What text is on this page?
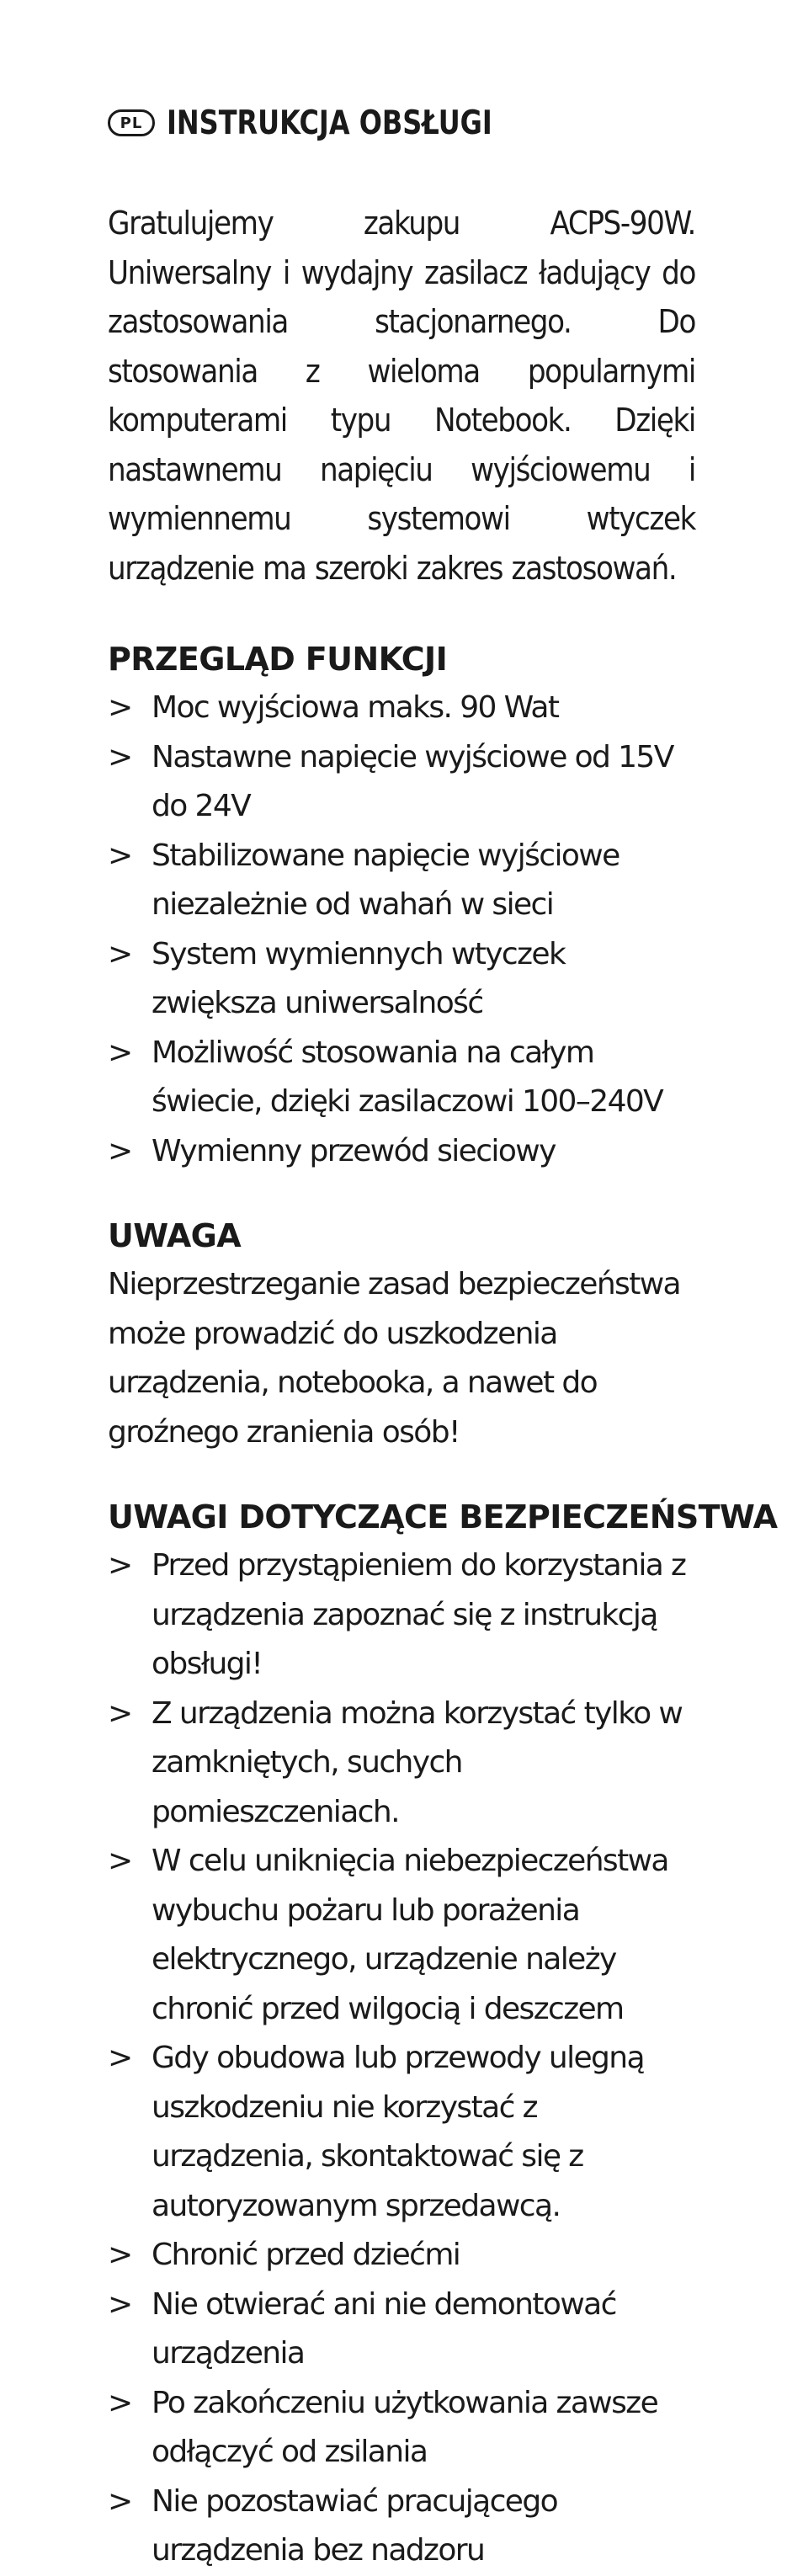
PL INSTRUKCJA OBSŁUGI

Gratulujemy zakupu ACPS-90W. Uniwersalny i wydajny zasilacz ładujący do zastosowania stacjonarnego. Do stosowania z wieloma popularnymi komputerami typu Notebook. Dzięki nastawnemu napięciu wyjściowemu i wymiennemu systemowi wtyczek urządzenie ma szeroki zakres zastosowań.

PRZEGLĄD FUNKCJI
> Moc wyjściowa maks. 90 Wat
> Nastawne napięcie wyjściowe od 15V do 24V
> Stabilizowane napięcie wyjściowe niezależnie od wahań w sieci
> System wymiennych wtyczek zwiększa uniwersalność
> Możliwość stosowania na całym świecie, dzięki zasilaczowi 100–240V
> Wymienny przewód sieciowy
UWAGA
Nieprzestrzeganie zasad bezpieczeństwa może prowadzić do uszkodzenia urządzenia, notebooka, a nawet do groźnego zranienia osób!
UWAGI DOTYCZĄCE BEZPIECZEŃSTWA
> Przed przystąpieniem do korzystania z urządzenia zapoznać się z instrukcją obsługi!
> Z urządzenia można korzystać tylko w zamkniętych, suchych pomieszczeniach.
> W celu uniknięcia niebezpieczeństwa wybuchu pożaru lub porażenia elektrycznego, urządzenie należy chronić przed wilgocią i deszczem
> Gdy obudowa lub przewody ulegną uszkodzeniu nie korzystać z urządzenia, skontaktować się z autoryzowanym sprzedawcą.
> Chronić przed dziećmi
> Nie otwierać ani nie demontować urządzenia
> Po zakończeniu użytkowania zawsze odłączyć od zsilania
> Nie pozostawiać pracującego urządzenia bez nadzoru
